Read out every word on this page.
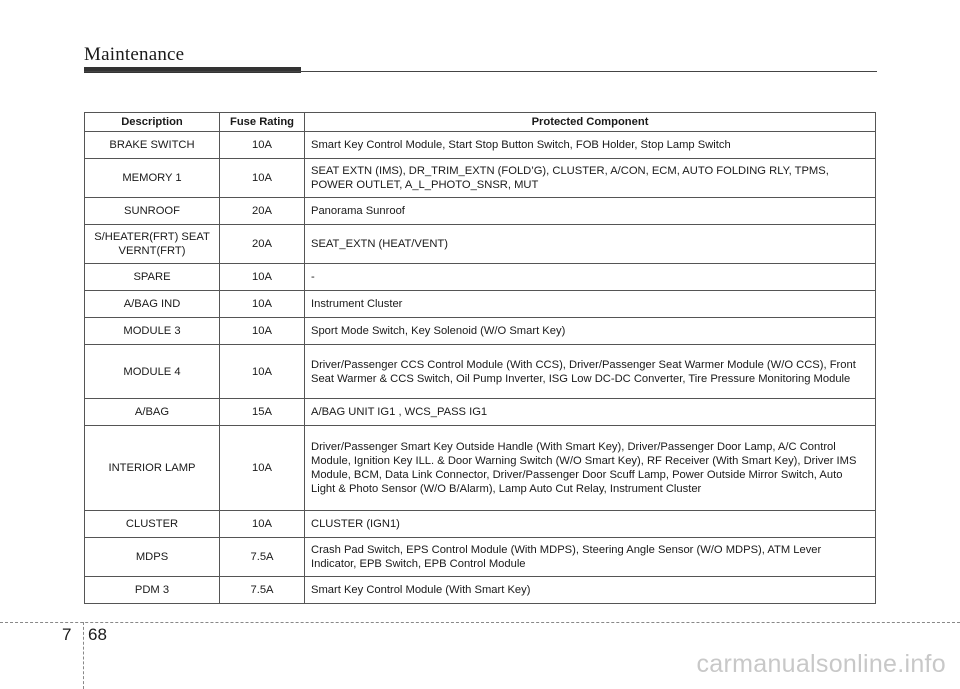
Maintenance
Description	Fuse Rating	Protected Component
BRAKE SWITCH	10A	Smart Key Control Module, Start Stop Button Switch, FOB Holder, Stop Lamp Switch
MEMORY 1	10A	SEAT EXTN (IMS), DR_TRIM_EXTN (FOLD’G), CLUSTER, A/CON, ECM, AUTO FOLDING RLY, TPMS, POWER OUTLET, A_L_PHOTO_SNSR, MUT
SUNROOF	20A	Panorama Sunroof
S/HEATER(FRT) SEAT VERNT(FRT)	20A	SEAT_EXTN (HEAT/VENT)
SPARE	10A	-
A/BAG IND	10A	Instrument Cluster
MODULE 3	10A	Sport Mode Switch, Key Solenoid (W/O Smart Key)
MODULE 4	10A	Driver/Passenger CCS Control Module (With CCS), Driver/Passenger Seat Warmer Module (W/O CCS), Front Seat Warmer & CCS Switch, Oil Pump Inverter, ISG Low DC-DC Converter, Tire Pressure Monitoring Module
A/BAG	15A	A/BAG UNIT IG1 , WCS_PASS IG1
INTERIOR LAMP	10A	Driver/Passenger Smart Key Outside Handle (With Smart Key), Driver/Passenger Door Lamp, A/C Control Module, Ignition Key ILL. & Door Warning Switch (W/O Smart Key), RF Receiver (With Smart Key), Driver IMS Module, BCM, Data Link Connector, Driver/Passenger Door Scuff Lamp, Power Outside Mirror Switch, Auto Light & Photo Sensor (W/O B/Alarm), Lamp Auto Cut Relay, Instrument Cluster
CLUSTER	10A	CLUSTER (IGN1)
MDPS	7.5A	Crash Pad Switch, EPS Control Module (With MDPS), Steering Angle Sensor (W/O MDPS), ATM Lever Indicator, EPB Switch, EPB Control Module
PDM 3	7.5A	Smart Key Control Module (With Smart Key)
7 68
carmanualsonline.info
